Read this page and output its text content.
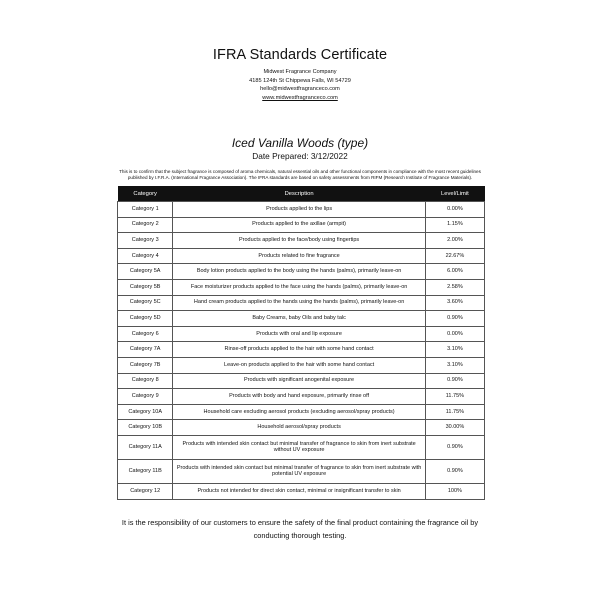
IFRA Standards Certificate
Midwest Fragrance Company
4185 124th St Chippewa Falls, WI 54729
hello@midwestfragranceco.com
www.midwestfragranceco.com
Iced Vanilla Woods (type)
Date Prepared: 3/12/2022
This is to confirm that the subject fragrance is composed of aroma chemicals, natural essential oils and other functional components in compliance with the most recent guidelines published by I.F.R.A. (International Fragrance Association). The IFRA standards are based on safety assessments from RIFM (Research Institute of Fragrance Materials).
Category	Description	Level/Limit
Category 1	Products applied to the lips	0.00%
Category 2	Products applied to the axillae (armpit)	1.15%
Category 3	Products applied to the face/body using fingertips	2.00%
Category 4	Products related to fine fragrance	22.67%
Category 5A	Body lotion products applied to the body using the hands (palms), primarily leave-on	6.00%
Category 5B	Face moisturizer products applied to the face using the hands (palms), primarily leave-on	2.58%
Category 5C	Hand cream products applied to the hands using the hands (palms), primarily leave-on	3.60%
Category 5D	Baby Creams, baby Oils and baby talc	0.90%
Category 6	Products with oral and lip exposure	0.00%
Category 7A	Rinse-off products applied to the hair with some hand contact	3.10%
Category 7B	Leave-on products applied to the hair with some hand contact	3.10%
Category 8	Products with significant anogenital exposure	0.90%
Category 9	Products with body and hand exposure, primarily rinse off	11.75%
Category 10A	Household care excluding aerosol products (excluding aerosol/spray products)	11.75%
Category 10B	Household aerosol/spray products	30.00%
Category 11A	Products with intended skin contact but minimal transfer of fragrance to skin from inert substrate without UV exposure	0.90%
Category 11B	Products with intended skin contact but minimal transfer of fragrance to skin from inert substrate with potential UV exposure	0.90%
Category 12	Products not intended for direct skin contact, minimal or insignificant transfer to skin	100%
It is the responsibility of our customers to ensure the safety of the final product containing the fragrance oil by conducting thorough testing.
